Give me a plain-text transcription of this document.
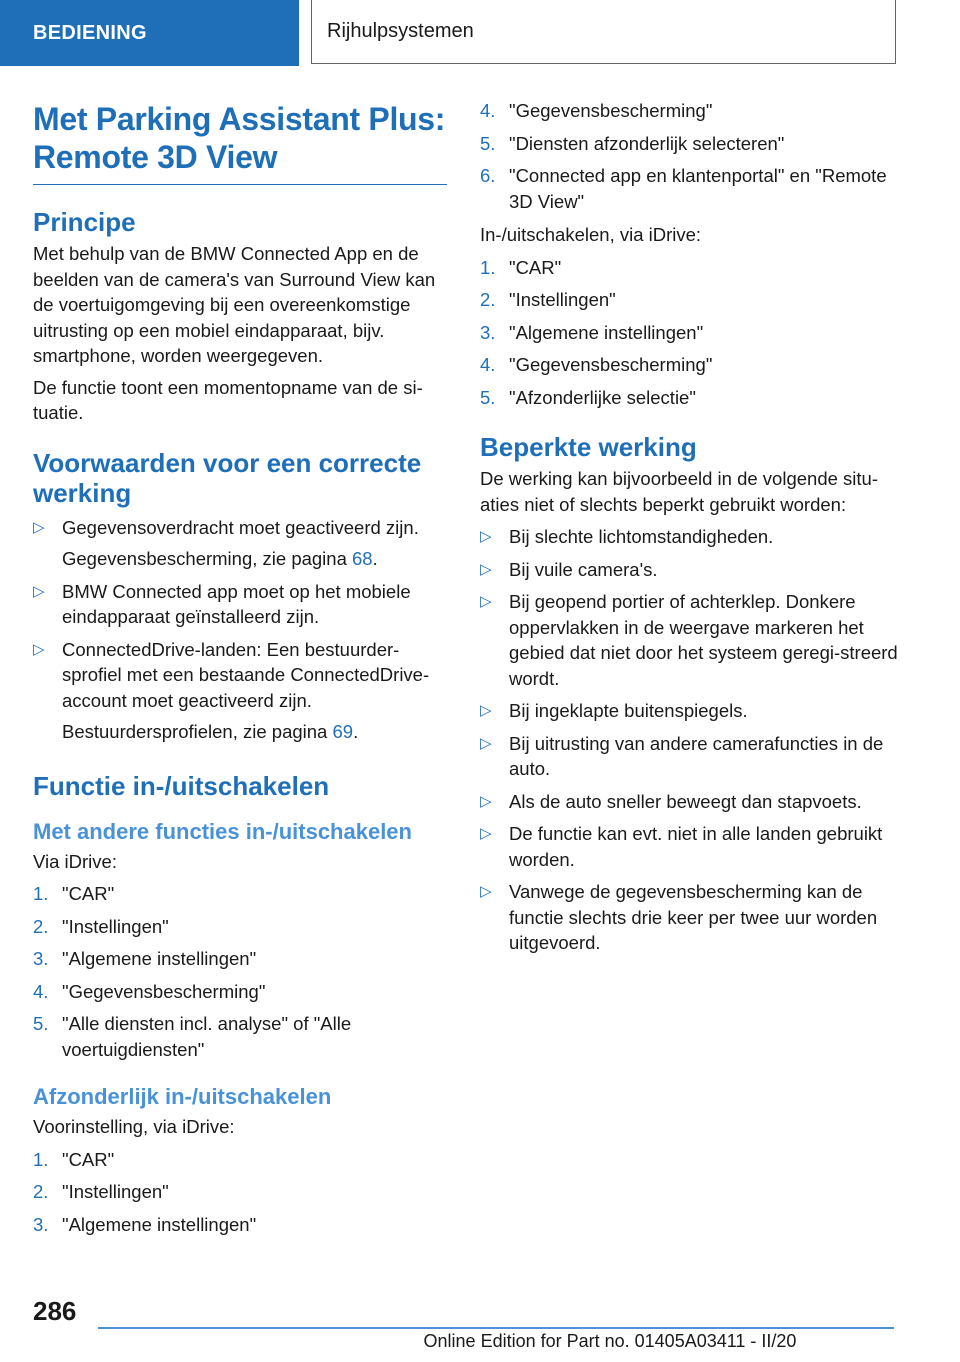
BEDIENING	Rijhulpsystemen
Met Parking Assistant Plus:
Remote 3D View
Principe

Met behulp van de BMW Connected App en de beelden van de camera's van Surround View kan de voertuigomgeving bij een overeenkomstige uitrusting op een mobiel eindapparaat, bijv. smartphone, worden weergegeven.

De functie toont een momentopname van de si-tuatie.

Voorwaarden voor een correcte werking
▷ Gegevensoverdracht moet geactiveerd zijn.
Gegevensbescherming, zie pagina 68.
▷ BMW Connected app moet op het mobiele eindapparaat geïnstalleerd zijn.
▷ ConnectedDrive-landen: Een bestuurder-sprofiel met een bestaande ConnectedDrive-account moet geactiveerd zijn.
Bestuurdersprofielen, zie pagina 69.
Functie in-/uitschakelen
Met andere functies in-/uitschakelen

Via iDrive:

1. "CAR"
2. "Instellingen"
3. "Algemene instellingen"
4. "Gegevensbescherming"
5. "Alle diensten incl. analyse" of "Alle voertuigdiensten"
Afzonderlijk in-/uitschakelen

Voorinstelling, via iDrive:

1. "CAR"
2. "Instellingen"
3. "Algemene instellingen"
4. "Gegevensbescherming"
5. "Diensten afzonderlijk selecteren"
6. "Connected app en klantenportal" en "Remote 3D View"

In-/uitschakelen, via iDrive:

1. "CAR"
2. "Instellingen"
3. "Algemene instellingen"
4. "Gegevensbescherming"
5. "Afzonderlijke selectie"
Beperkte werking

De werking kan bijvoorbeeld in de volgende situ-aties niet of slechts beperkt gebruikt worden:

▷ Bij slechte lichtomstandigheden.
▷ Bij vuile camera's.
▷ Bij geopend portier of achterklep. Donkere oppervlakken in de weergave markeren het gebied dat niet door het systeem geregi-streerd wordt.
▷ Bij ingeklapte buitenspiegels.
▷ Bij uitrusting van andere camerafuncties in de auto.
▷ Als de auto sneller beweegt dan stapvoets.
▷ De functie kan evt. niet in alle landen gebruikt worden.
▷ Vanwege de gegevensbescherming kan de functie slechts drie keer per twee uur worden uitgevoerd.
286
Online Edition for Part no. 01405A03411 - II/20
